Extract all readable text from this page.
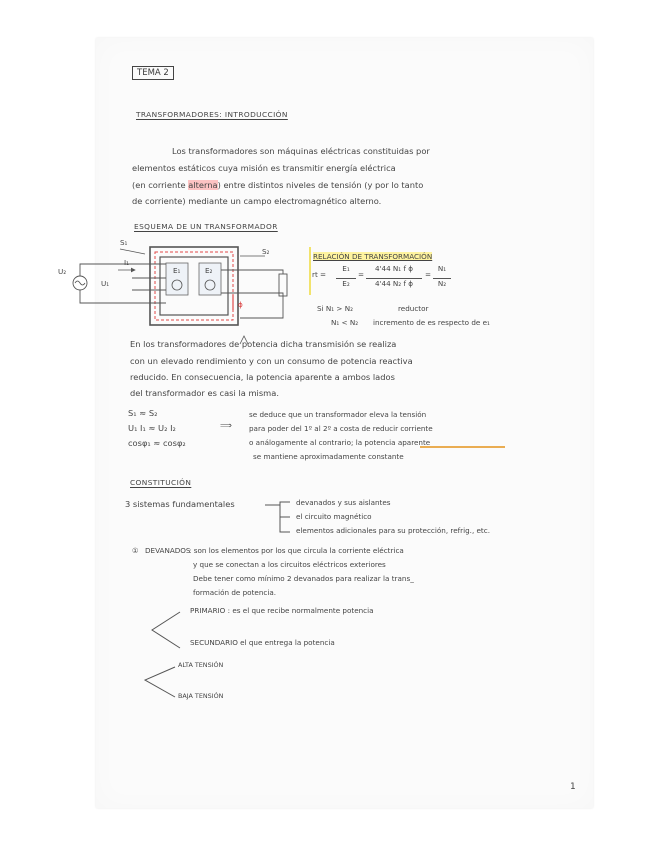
TEMA 2
TRANSFORMADORES: INTRODUCCIÓN
Los transformadores son máquinas eléctricas constituidas por
elementos estáticos cuya misión es transmitir energía eléctrica
(en corriente alterna) entre distintos niveles de tensión (y por lo tanto
de corriente) mediante un campo electromagnético alterno.
ESQUEMA DE UN TRANSFORMADOR
S₁
S₂
I₁
U₂
U₁
E₁	E₂
ϕ
RELACIÓN DE TRANSFORMACIÓN
rt =
E₁
E₂
=
4'44 N₁ f ϕ
4'44 N₂ f ϕ
=
N₁
N₂
Si N₁ > N₂	reductor
N₁ < N₂ incremento de es respecto de e₁
En los transformadores de potencia dicha transmisión se realiza
con un elevado rendimiento y con un consumo de potencia reactiva
reducido. En consecuencia, la potencia aparente a ambos lados
del transformador es casi la misma.
S₁ ≈ S₂
U₁ I₁ ≈ U₂ I₂
cosφ₁ ≈ cosφ₂
⟹
se deduce que un transformador eleva la tensión
para poder del 1º al 2º a costa de reducir corriente
o análogamente al contrario; la potencia aparente
se mantiene aproximadamente constante
CONSTITUCIÓN
3 sistemas fundamentales	devanados y sus aislantes
el circuito magnético
elementos adicionales para su protección, refrig., etc.
① DEVANADOS
: son los elementos por los que circula la corriente eléctrica
y que se conectan a los circuitos eléctricos exteriores
Debe tener como mínimo 2 devanados para realizar la trans_
formación de potencia.
PRIMARIO : es el que recibe normalmente potencia
SECUNDARIO el que entrega la potencia
ALTA TENSIÓN
BAJA TENSIÓN
1
